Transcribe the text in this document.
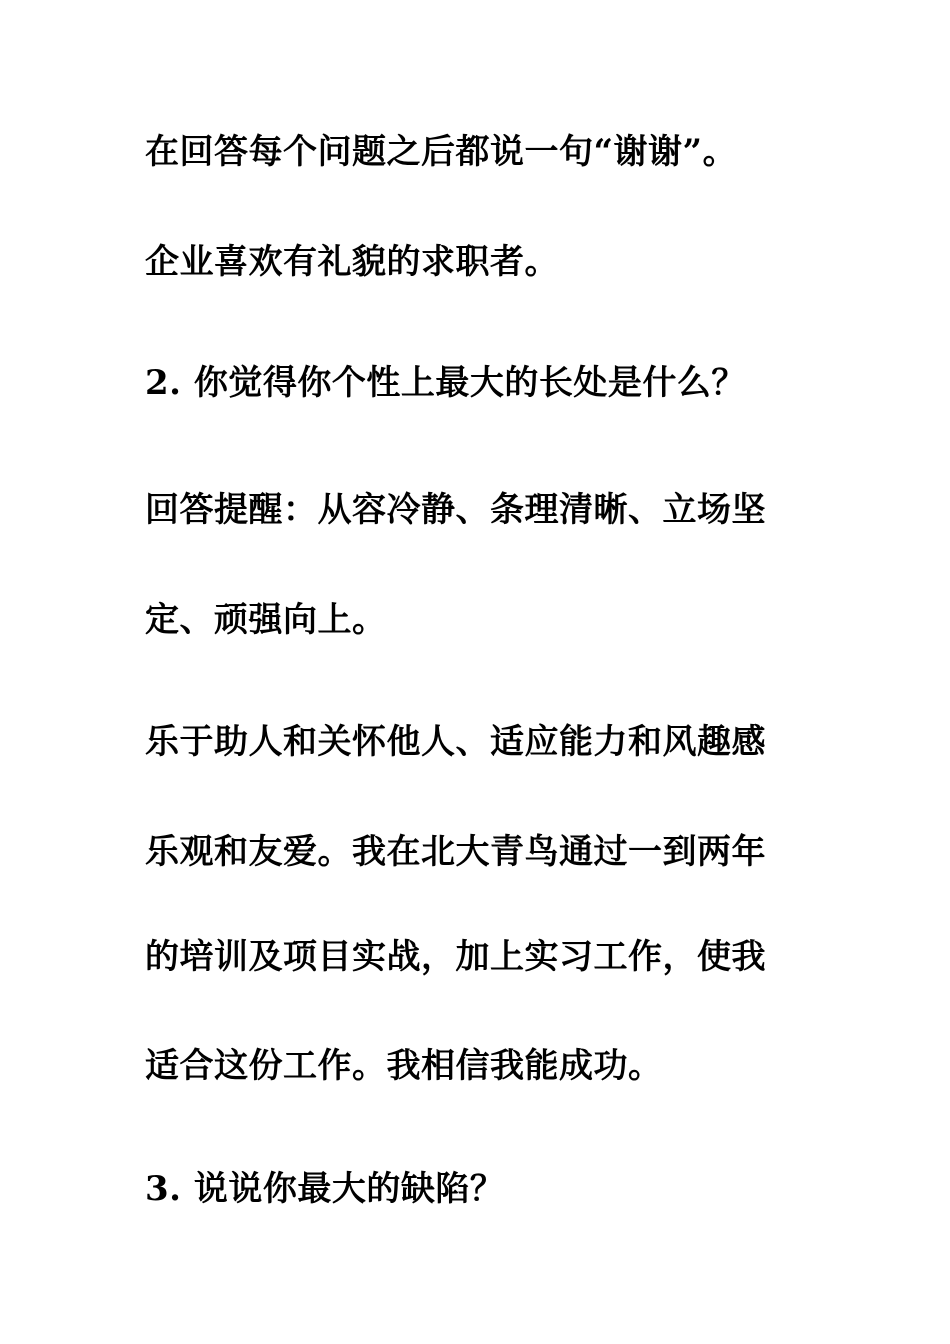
在回答每个问题之后都说一句“谢谢”。
企业喜欢有礼貌的求职者。
2. 你觉得你个性上最大的长处是什么？
回答提醒：从容冷静、条理清晰、立场坚
定、顽强向上。
乐于助人和关怀他人、适应能力和风趣感
乐观和友爱。我在北大青鸟通过一到两年
的培训及项目实战，加上实习工作，使我
适合这份工作。我相信我能成功。
3. 说说你最大的缺陷？
